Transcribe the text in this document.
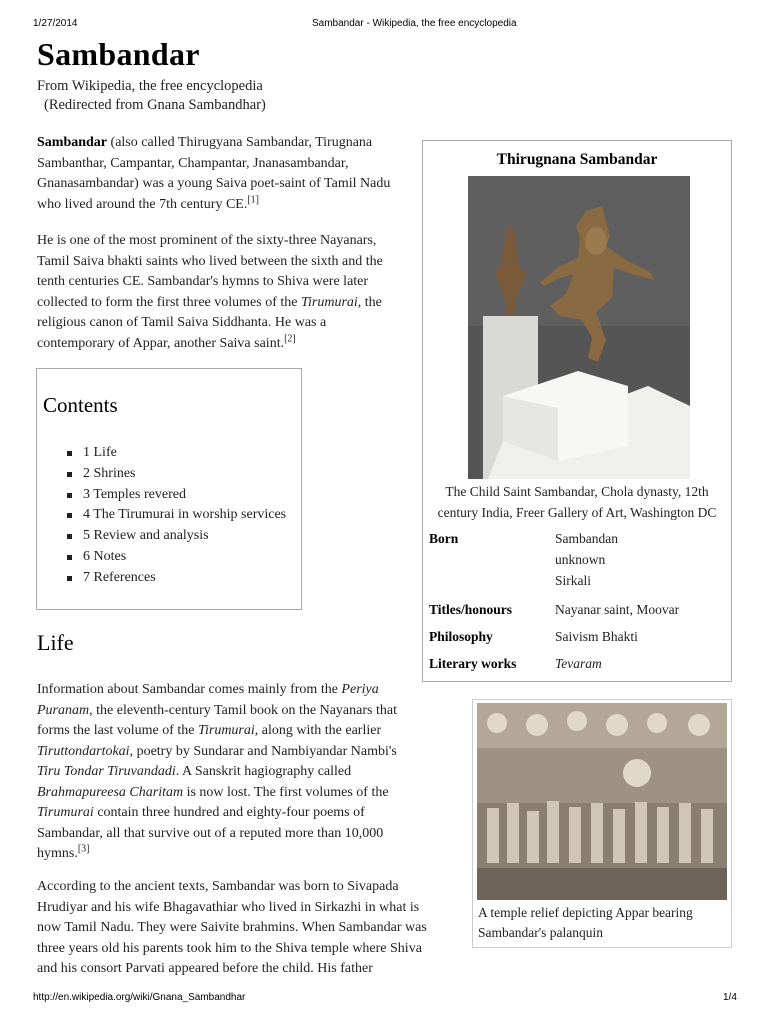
1/27/2014	Sambandar - Wikipedia, the free encyclopedia
Sambandar
From Wikipedia, the free encyclopedia
(Redirected from Gnana Sambandhar)

Sambandar (also called Thirugyana Sambandar, Tirugnana Sambanthar, Campantar, Champantar, Jnanasambandar, Gnanasambandar) was a young Saiva poet-saint of Tamil Nadu who lived around the 7th century CE.[1]

He is one of the most prominent of the sixty-three Nayanars, Tamil Saiva bhakti saints who lived between the sixth and the tenth centuries CE. Sambandar's hymns to Shiva were later collected to form the first three volumes of the Tirumurai, the religious canon of Tamil Saiva Siddhanta. He was a contemporary of Appar, another Saiva saint.[2]

Contents
1 Life
2 Shrines
3 Temples revered
4 The Tirumurai in worship services
5 Review and analysis
6 Notes
7 References
Life

Information about Sambandar comes mainly from the Periya Puranam, the eleventh-century Tamil book on the Nayanars that forms the last volume of the Tirumurai, along with the earlier Tiruttondartokai, poetry by Sundarar and Nambiyandar Nambi's Tiru Tondar Tiruvandadi. A Sanskrit hagiography called Brahmapureesa Charitam is now lost. The first volumes of the Tirumurai contain three hundred and eighty-four poems of Sambandar, all that survive out of a reputed more than 10,000 hymns.[3]

According to the ancient texts, Sambandar was born to Sivapada Hrudiyar and his wife Bhagavathiar who lived in Sirkazhi in what is now Tamil Nadu. They were Saivite brahmins. When Sambandar was three years old his parents took him to the Shiva temple where Shiva and his consort Parvati appeared before the child. His father

Thirugnana Sambandar
The Child Saint Sambandar, Chola dynasty, 12th century India, Freer Gallery of Art, Washington DC
Born	Sambandan
unknown
Sirkali
Titles/honours	Nayanar saint, Moovar
Philosophy	Saivism Bhakti
Literary works	Tevaram
A temple relief depicting Appar bearing Sambandar's palanquin
http://en.wikipedia.org/wiki/Gnana_Sambandhar	1/4
